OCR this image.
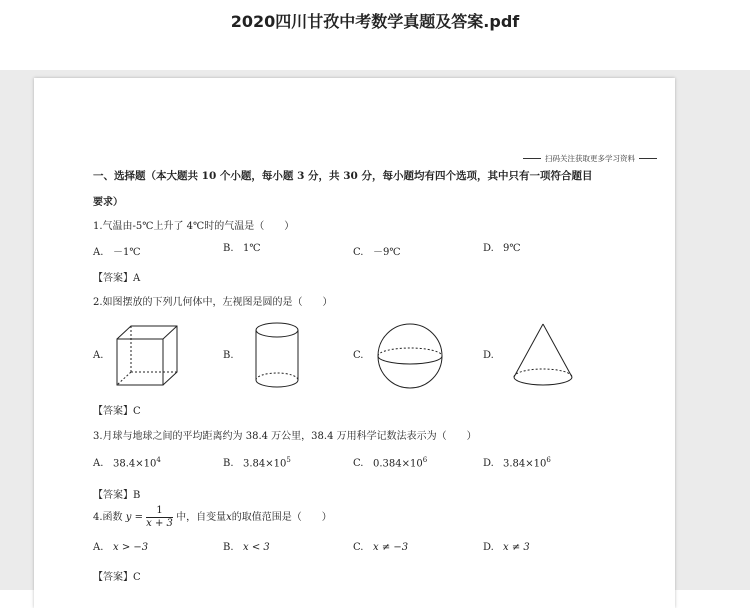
2020四川甘孜中考数学真题及答案.pdf
扫码关注获取更多学习资料
一、选择题（本大题共 10 个小题，每小题 3 分，共 30 分，每小题均有四个选项，其中只有一项符合题目
要求）
1.气温由-5℃上升了 4℃时的气温是（　　）
A. －1℃	B. 1℃	C. －9℃	D. 9℃
【答案】A
2.如图摆放的下列几何体中，左视图是圆的是（　　）
A.	B.	C.	D.
【答案】C
3.月球与地球之间的平均距离约为 38.4 万公里，38.4 万用科学记数法表示为（　　）
A. $38.4\times 10^4$	B. $3.84\times 10^5$	C. $0.384\times 10^6$	D. $3.84\times 10^6$
【答案】B
4.函数 $y = \frac{1}{x + 3}$ 中，自变量x的取值范围是（　　）
A. x > −3	B. x < 3	C. x ≠ −3	D. x ≠ 3
【答案】C
